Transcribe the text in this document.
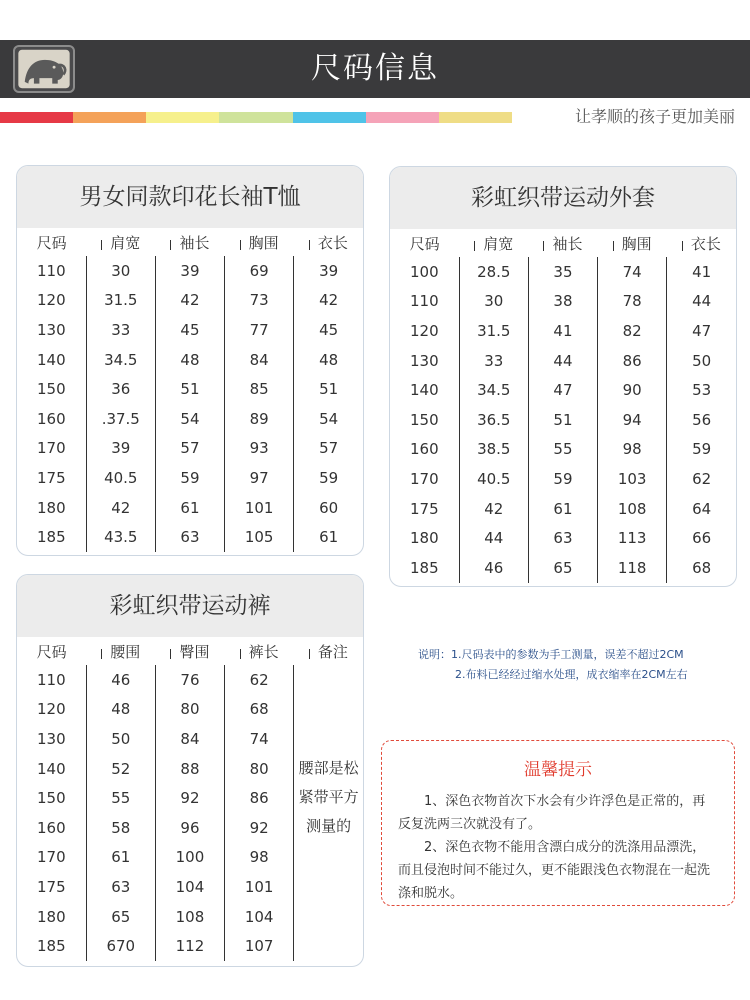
尺码信息
让孝顺的孩子更加美丽
男女同款印花长袖T恤
尺码	肩宽	袖长	胸围	衣长
110	30	39	69	39
120	31.5	42	73	42
130	33	45	77	45
140	34.5	48	84	48
150	36	51	85	51
160	.37.5	54	89	54
170	39	57	93	57
175	40.5	59	97	59
180	42	61	101	60
185	43.5	63	105	61
彩虹织带运动外套
尺码	肩宽	袖长	胸围	衣长
100	28.5	35	74	41
110	30	38	78	44
120	31.5	41	82	47
130	33	44	86	50
140	34.5	47	90	53
150	36.5	51	94	56
160	38.5	55	98	59
170	40.5	59	103	62
175	42	61	108	64
180	44	63	113	66
185	46	65	118	68
彩虹织带运动裤
尺码	腰围	臀围	裤长	备注
110	46	76	62	
120	48	80	68	
130	50	84	74	
140	52	88	80	腰部是松紧带平方测量的
150	55	92	86	
160	58	96	92	
170	61	100	98	
175	63	104	101	
180	65	108	104	
185	670	112	107	
说明：1.尺码表中的参数为手工测量，误差不超过2CM
2.布料已经经过缩水处理，成衣缩率在2CM左右
温馨提示

1、深色衣物首次下水会有少许浮色是正常的，再反复洗两三次就没有了。

2、深色衣物不能用含漂白成分的洗涤用品漂洗，而且侵泡时间不能过久，更不能跟浅色衣物混在一起洗涤和脱水。
